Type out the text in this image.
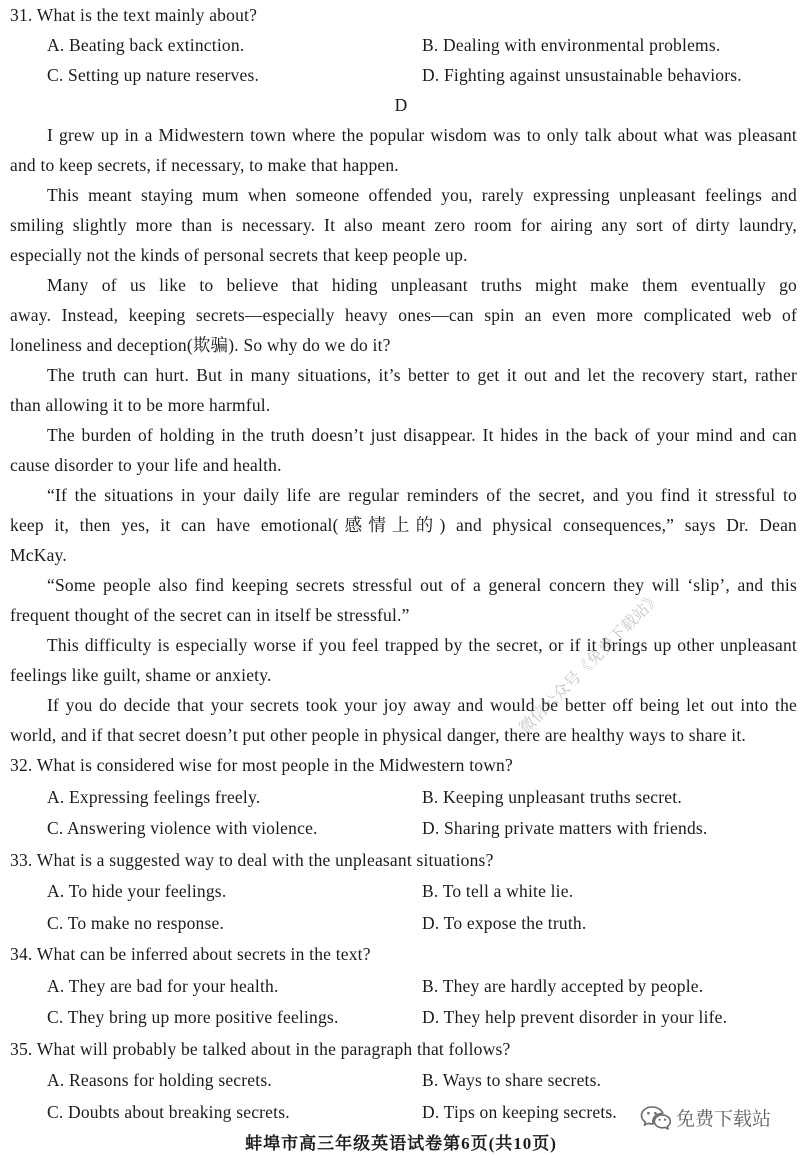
31. What is the text mainly about?
A. Beating back extinction.	B. Dealing with environmental problems.
C. Setting up nature reserves.	D. Fighting against unsustainable behaviors.
D
I grew up in a Midwestern town where the popular wisdom was to only talk about what was pleasant
and to keep secrets, if necessary, to make that happen.
This meant staying mum when someone offended you, rarely expressing unpleasant feelings and
smiling slightly more than is necessary. It also meant zero room for airing any sort of dirty laundry,
especially not the kinds of personal secrets that keep people up.
Many of us like to believe that hiding unpleasant truths might make them eventually go
away. Instead, keeping secrets—especially heavy ones—can spin an even more complicated web of
loneliness and deception(欺骗). So why do we do it?
The truth can hurt. But in many situations, it’s better to get it out and let the recovery start, rather
than allowing it to be more harmful.
The burden of holding in the truth doesn’t just disappear. It hides in the back of your mind and can
cause disorder to your life and health.
“If the situations in your daily life are regular reminders of the secret, and you find it stressful to
keep it, then yes, it can have emotional(感情上的) and physical consequences,” says Dr. Dean
McKay.
“Some people also find keeping secrets stressful out of a general concern they will ‘slip’, and this
frequent thought of the secret can in itself be stressful.”
This difficulty is especially worse if you feel trapped by the secret, or if it brings up other unpleasant
feelings like guilt, shame or anxiety.
If you do decide that your secrets took your joy away and would be better off being let out into the
world, and if that secret doesn’t put other people in physical danger, there are healthy ways to share it.
32. What is considered wise for most people in the Midwestern town?
A. Expressing feelings freely.	B. Keeping unpleasant truths secret.
C. Answering violence with violence.	D. Sharing private matters with friends.
33. What is a suggested way to deal with the unpleasant situations?
A. To hide your feelings.	B. To tell a white lie.
C. To make no response.	D. To expose the truth.
34. What can be inferred about secrets in the text?
A. They are bad for your health.	B. They are hardly accepted by people.
C. They bring up more positive feelings.	D. They help prevent disorder in your life.
35. What will probably be talked about in the paragraph that follows?
A. Reasons for holding secrets.	B. Ways to share secrets.
C. Doubts about breaking secrets.	D. Tips on keeping secrets.
蚌埠市高三年级英语试卷第6页(共10页)
微信公众号《免费下载站》
免费下载站
